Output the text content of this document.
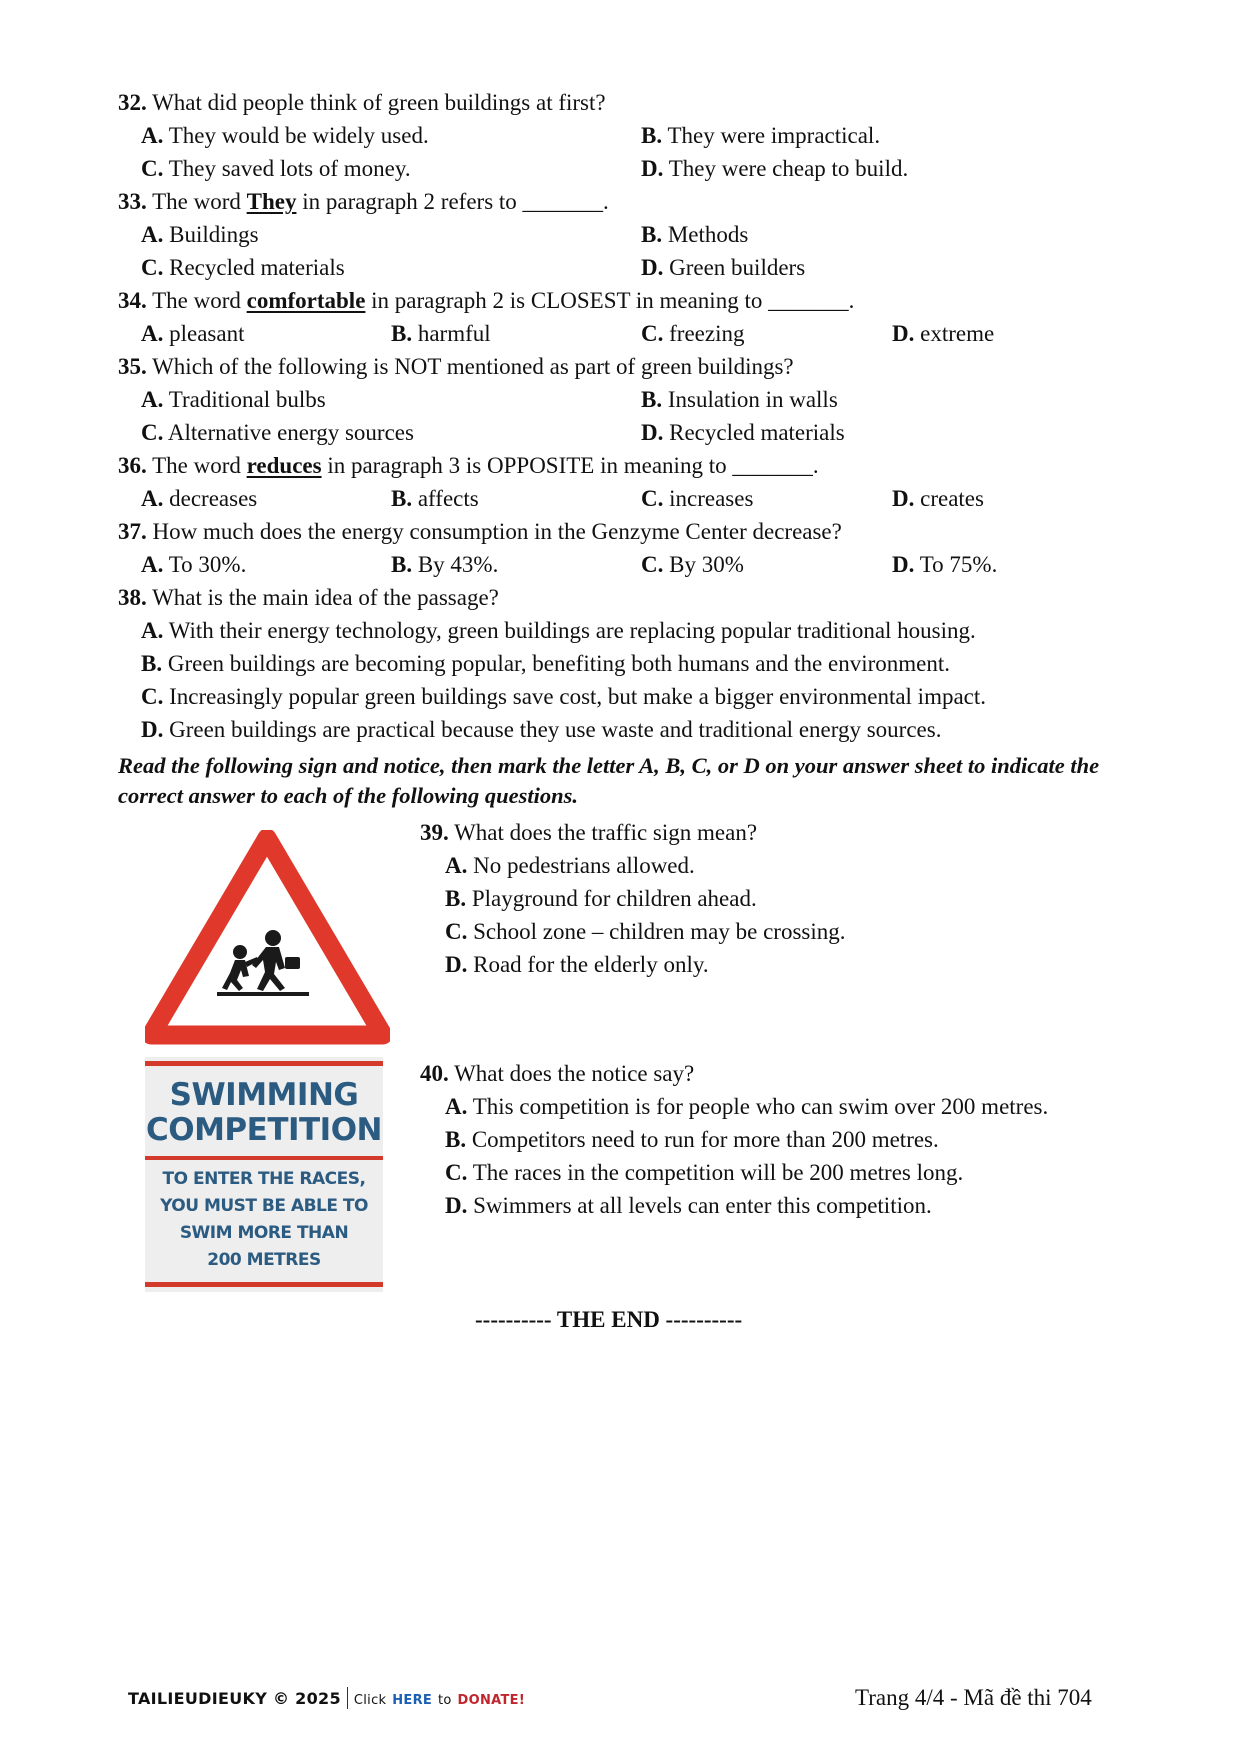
32. What did people think of green buildings at first?
A. They would be widely used.	B. They were impractical.
C. They saved lots of money.	D. They were cheap to build.
33. The word They in paragraph 2 refers to _______.
A. Buildings	B. Methods
C. Recycled materials	D. Green builders
34. The word comfortable in paragraph 2 is CLOSEST in meaning to _______.
A. pleasant	B. harmful	C. freezing	D. extreme
35. Which of the following is NOT mentioned as part of green buildings?
A. Traditional bulbs	B. Insulation in walls
C. Alternative energy sources	D. Recycled materials
36. The word reduces in paragraph 3 is OPPOSITE in meaning to _______.
A. decreases	B. affects	C. increases	D. creates
37. How much does the energy consumption in the Genzyme Center decrease?
A. To 30%.	B. By 43%.	C. By 30%	D. To 75%.
38. What is the main idea of the passage?
A. With their energy technology, green buildings are replacing popular traditional housing.
B. Green buildings are becoming popular, benefiting both humans and the environment.
C. Increasingly popular green buildings save cost, but make a bigger environmental impact.
D. Green buildings are practical because they use waste and traditional energy sources.
Read the following sign and notice, then mark the letter A, B, C, or D on your answer sheet to indicate the correct answer to each of the following questions.
SWIMMING
COMPETITION
TO ENTER THE RACES,
YOU MUST BE ABLE TO
SWIM MORE THAN
200 METRES
39. What does the traffic sign mean?
A. No pedestrians allowed.
B. Playground for children ahead.
C. School zone – children may be crossing.
D. Road for the elderly only.
40. What does the notice say?
A. This competition is for people who can swim over 200 metres.
B. Competitors need to run for more than 200 metres.
C. The races in the competition will be 200 metres long.
D. Swimmers at all levels can enter this competition.
---------- THE END ----------
TAILIEUDIEUKY © 2025 Click HERE to DONATE!	Trang 4/4 - Mã đề thi 704
